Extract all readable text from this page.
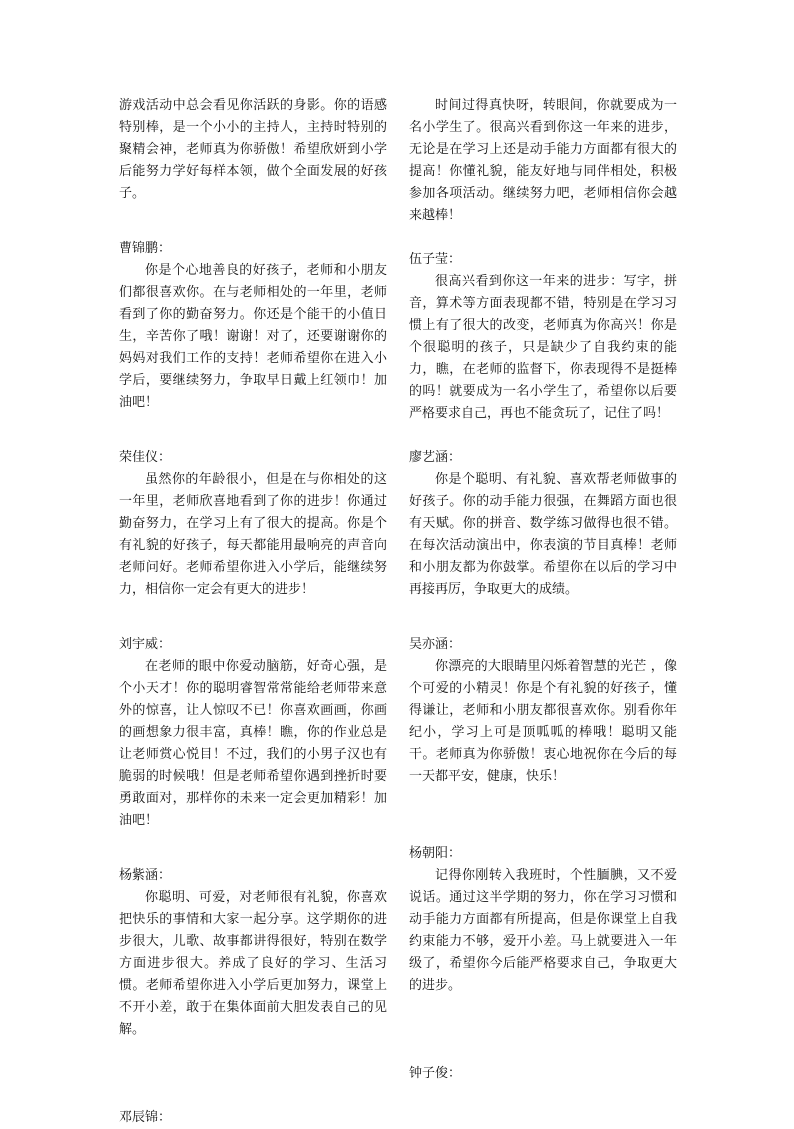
游戏活动中总会看见你活跃的身影。你的语感特别棒，是一个小小的主持人，主持时特别的聚精会神，老师真为你骄傲！希望欣妍到小学后能努力学好每样本领，做个全面发展的好孩子。

曹锦鹏：

你是个心地善良的好孩子，老师和小朋友们都很喜欢你。在与老师相处的一年里，老师看到了你的勤奋努力。你还是个能干的小值日生，辛苦你了哦！谢谢！对了，还要谢谢你的妈妈对我们工作的支持！老师希望你在进入小学后，要继续努力，争取早日戴上红领巾！加油吧！

荣佳仪：

虽然你的年龄很小，但是在与你相处的这一年里，老师欣喜地看到了你的进步！你通过勤奋努力，在学习上有了很大的提高。你是个有礼貌的好孩子，每天都能用最响亮的声音向老师问好。老师希望你进入小学后，能继续努力，相信你一定会有更大的进步！

刘宇威：

在老师的眼中你爱动脑筋，好奇心强，是个小天才！你的聪明睿智常常能给老师带来意外的惊喜，让人惊叹不已！你喜欢画画，你画的画想象力很丰富，真棒！瞧，你的作业总是让老师赏心悦目！不过，我们的小男子汉也有脆弱的时候哦！但是老师希望你遇到挫折时要勇敢面对，那样你的未来一定会更加精彩！加油吧！

杨紫涵：

你聪明、可爱，对老师很有礼貌，你喜欢把快乐的事情和大家一起分享。这学期你的进步很大，儿歌、故事都讲得很好，特别在数学方面进步很大。养成了良好的学习、生活习惯。老师希望你进入小学后更加努力，课堂上不开小差，敢于在集体面前大胆发表自己的见解。

邓辰锦：

时间过得真快呀，转眼间，你就要成为一名小学生了。很高兴看到你这一年来的进步，无论是在学习上还是动手能力方面都有很大的提高！你懂礼貌，能友好地与同伴相处，积极参加各项活动。继续努力吧，老师相信你会越来越棒！

伍子莹：

很高兴看到你这一年来的进步：写字，拼音，算术等方面表现都不错，特别是在学习习惯上有了很大的改变，老师真为你高兴！你是个很聪明的孩子，只是缺少了自我约束的能力，瞧，在老师的监督下，你表现得不是挺棒的吗！就要成为一名小学生了，希望你以后要严格要求自己，再也不能贪玩了，记住了吗！

廖艺涵：

你是个聪明、有礼貌、喜欢帮老师做事的好孩子。你的动手能力很强，在舞蹈方面也很有天赋。你的拼音、数学练习做得也很不错。在每次活动演出中，你表演的节目真棒！老师和小朋友都为你鼓掌。希望你在以后的学习中再接再厉，争取更大的成绩。

吴亦涵：

你漂亮的大眼睛里闪烁着智慧的光芒 ，像个可爱的小精灵！你是个有礼貌的好孩子，懂得谦让，老师和小朋友都很喜欢你。别看你年纪小，学习上可是顶呱呱的棒哦！聪明又能干。老师真为你骄傲！衷心地祝你在今后的每一天都平安，健康，快乐！

杨朝阳：

记得你刚转入我班时，个性腼腆，又不爱说话。通过这半学期的努力，你在学习习惯和动手能力方面都有所提高，但是你课堂上自我约束能力不够，爱开小差。马上就要进入一年级了，希望你今后能严格要求自己，争取更大的进步。

钟子俊：
